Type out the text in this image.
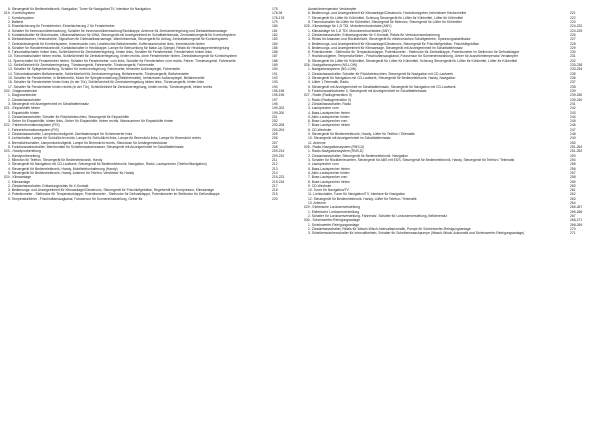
6. Steuergerät für Bedienelektronik, Navigation, Tuner für Navigation/TV, Interface für Navigation	175
019 - Komfortsystem	176-94
1. Komfortsystem	176-178
2. Batterie	179
3. Einzelsicherung für Fensterheber, Einzelsicherung 2 für Fensterheber	180
4. Schalter für Innenraumüberwachung, Schalter für Innenraumüberwachung/Tankklappe, Antenne für Zentralverriegelung und Diebstahlwarnanlage	181
5. Kontaktschalter für Motorhaube, Ultraschallsensor für DWA, Steuergerät mit Anzeigeeinheit im Schalttafeleinsatz, Zentralsteuergerät für Komfortsystem	182
6. Diebstahlwarner, Heckscheibe, Signalhorn für Diebstahlwarnanlage, Warnblinkrelais, Steuergerät für Airbag, Zentralsteuergerät für Komfortsystem	183
7. Zentralsteuergerät für Komfortsystem, Innenleuchte vorn, Leseleuchte Beifahrerseite, Kofferraumleuchte links, Innenleuchte hinten	184
8. Schalter für Handbremskontrolle, Kontaktschalter in Heckklappe, Lampe für Beleuchtung für Make-Up-Spiegel, Relais für Heckklappenentriegelung	185
9. Türkontaktschalter hinten links, Schließeinheit für Zentralverriegelung, hinten links, Schalter für Fensterheber, Fensterheber hinten links	186
10. Türkontaktschalter hinten rechts, Schließeinheit für Zentralverriegelung, hinten rechts, ohne Fensterheber hinten, Zentralsteuergerät für Komfortsystem	187
11. Sperrschalter für Fensterheber hinten, Schalter für Fensterheber, vorn links, Schalter für Fensterheber vorn rechts, Fahrer, Türsteuergerät, Fahrerseite	188
12. Schließeinheit für Zentralverriegelung, Türsteuergerät, Fahrerseite, Türsteuergerät, Fahrerseite	189
13. Schalter für Spiegelverstellung, Schalter für Innenverriegelung, Fahrerseite, beheizter Außenspiegel, Fahrerseite	190
14. Türkontaktschalter-Beifahrerseite, Schließeinheit für Zentralverriegelung, Beifahrerseite, Türsteuergerät, Beifahrerseite	191
15. Schalter für Fensterheber, in Beifahrertür, Motor für Spiegelverstellung (Beifahrerseite), beheizbarer Außenspiegel, Beifahrerseite	192
16. Schalter für Fensterheber hinten links (in der Tür), Schließeinheit für Zentralverriegelung hinten links, Türsteuergerät, hinten links	193
17. Schalter für Fensterheber hinten rechts (in der Tür), Schließeinheit für Zentralverriegelung, hinten rechts, Türsteuergerät, hinten rechts	194
020 - Diagnosestecker	195-198
1. Diagnosestecker	195-196
2. Zündanlassschalter	197
3. Steuergerät mit Anzeigeeinheit im Schalttafeleinsatz	198
021 - Einparkhilfe hinten	199-202
1. Einparkhilfe hinten	199-200
2. Zündanlassschalter, Schalter für Rückfahrleuchten, Steuergerät für Einparkhilfe	201
3. Geber für Einparkhilfe, hinten links, Geber für Einparkhilfe, hinten rechts, Warnsummer für Einparkhilfe hinten	202
022 - Fahrerinformationssystem (FIS)	203-208
1. Fahrerinformationssystem (FIS)	203-204
2. Zündanlassschalter, Lampenkontrollgerät, Zweifadenlampe für Scheinwerfer links	205
3. Lichtschalter, Lampe für Schlußlicht rechts, Lampe für Schlußlicht links, Lampe für Bremslicht links, Lampe für Bremslicht rechts	206
4. Bremslichtschalter, Lampenkontrollgerät, Lampe für Bremslicht rechts, Steckdose für Anhängersteckdose	207
5. Funktionswahlschalter, Warnkontakt für Scheibenwaschwasser, Steuergerät mit Anzeigeeinheit im Schalttafeleinsatz	208
023 - Handyvorbereitung	209-214
1. Handyvorbereitung	209-210
2. Mikrofon für Telefon, Steuergerät für Bedienelektronik, Handy	211
3. Steuergerät für Navigation mit CD-Laufwerk, Steuergerät für Bedienelektronik, Navigation, Radio, Lautsprecher (Telefon/Navigation)	212
4. Steuergerät für Bedienelektronik, Handy, Mobiltelefonhalterung (Handy)	213
5. Steuergerät für Bedienelektronik, Handy, Antenne für Telefon, Verstärker für Handy	214
024 - Klimaanlage	215-223
1. Klimaanlage	215-216
2. Zündanlassschalter, Entlastungsrelais für X-Kontakt	217
3. Bedienungs- und Anzeigeeinheit für Klimaanlage/Climatronic, Steuergerät für Frischluftgebläse, Regelventil für Kompressor, Klimaanlage	218
4. Potentiometer - Stellmotor für Temperaturklappe, Potentiometer - Stellmotor für Defrostklappe, Potentiometer im Stellmotor für Defrostklappe	219
5. Temperaturfühler - Frischluftansaugkanal, Fotosensor für Sonneneinstrahlung, Geber für	220
Ausströmtemperatur Verdampfer
6. Bedienungs- und Anzeigeeinheit für Klimaanlage/Climatronic, Hochdruckgeber, beheizbare Heckscheibe	221
7. Steuergerät für Lüfter für Kühlmittel, Schirung Steuergerät für Lüfter für Kühlmittel, Lüfter für Kühlmittel	222
8. Thermoschalter für Lüfter für Kühlmittel, Steuergerät für Motronic, Steuergerät für Lüfter für Kühlmittel	223
025 - Klimaanlage für 1,2l TDI, Motorkennbuchstabe (ANY)	224-232
1. Klimaanlage für 1,2l TDI, Motorkennbuchstabe (ANY)	224-225
2. Zündanlassschalter, Entlastungsrelais für X-Kontakt, Relais für Verbrauchsreduzierung	226
3. Relais für Anlassen und Rückfahrlicht, Steuergerät für elektronisches Schaltgetriebe, Spannungsstabilisator	227
4. Bedienungs- und Anzeigeeinheit für Klimaanlage/Climatronic, Steuergerät für Frischluftgebläse, Frischluftgebläse	228
5. Bedienungs- und Anzeigeeinheit für Klimaanlage, Steuergerät mit Anzeigeeinheit im Schalttafeleinsatz	229
6. Potentiometer - Stellmotor für Temperaturklappe, Potentiometer - Stellmotor für Zentralklappe, Potentiometer im Stellmotor für Defrostklappe	230
7. Hochdruckgeber, Temperaturfühler - Frischluftansaugkanal, Fotosensor für Sonneneinstrahlung, Geber für Ausströmtemperatur Verdampfer	231
8. Steuergerät für Lüfter für Kühlmittel, Steuergerät für Lüfter für Kühlmittel, Schirung Steuergerät für Lüfter für Kühlmittel, Lüfter für Kühlmittel	232
026 - Navigationssystem (NS-LOW)	233-238
1. Navigationssystem (NS-LOW)	233-234
2. Zündanlassschalter, Schalter für Rückfahrleuchten, Steuergerät für Navigation mit CD-Laufwerk	235
3. Steuergerät für Navigation mit CD-Laufwerk, Steuergerät für Bedienelektronik, Handy, Navigation	236
4. Lüfter 1 Telematik, Radio	237
5. Steuergerät mit Anzeigeeinheit im Schalttafeleinsatz, Steuergerät für Navigation mit CD-Laufwerk	238
5. Funktionswahlschalter II, Steuergerät mit Anzeigeeinheit im Schalttafeleinsatz	239
027 - Radio (Radiogeneration II)	239-250
1. Radio (Radiogeneration II)	239-240
2. Zündanlassschalter, Radio	241
3. Lautsprecher vorn	242
4. Bass-Lautsprecher hinten	243
5. Aktiv-Lautsprecher hinten	244
6. Bose-Lautsprecher vorn	245
7. Bose-Lautsprecher hinten	246
8. CD-Wechsler	247
9. Steuergerät für Bedienelektronik, Handy, Lüfter für Telefon / Telematik	248
10. Steuergerät mit Anzeigeeinheit im Schalttafeleinsatz	249
11. Antenne	250
028 - Radio-Navigationssystem (RNS-D)	251-264
1. Radio-Navigationssystem (RNS-D)	251-252
2. Zündanlassschalter, Steuergerät für Bedienelektronik, Navigation	253
3. Schalter für Rückfahrleuchten, Steuergerät für ABS mit EDS, Steuergerät für Bedienelektronik, Handy, Steuergerät für Telefon / Telematik	254
4. Lautsprecher vorn	255
5. Bass-Lautsprecher hinten	256
6. Aktiv-Lautsprecher hinten	257
7. Bose-Lautsprecher vorn	258
8. Bose-Lautsprecher hinten	259
9. CD-Wechsler	260
10. Tuner für Navigation/TV	261
11. Lichtschalter, Tuner für Navigation/TV, Interface für Navigation	262
12. Steuergerät für Bedienelektronik, Handy, Lüfter für Telefon / Telematik	263
13. Antenne	264
029 - Elektrische Lordosenverstellung	265-267
1. Elektrische Lordosenverstellung	265-266
2. Schalter für Lordosenverstellung, Fahrersitz, Schalter für Lordosenverstellung, Beifahrersitz	267
030 - Scheinwerfer-Reinigungsanlage	268-271
1. Scheinwerfer-Reinigungsanlage	268-269
2. Zündanlassschalter, Relais für Wasch-Wisch-Intervallautomatik, Pumpe für Scheinwerfer-Reinigungsanlage	270
3. Scheibenwischerschalter für Intervallbetrieb, Schalter für Scheibenwaschpumpe (Wasch-Wisch-Automatik und Scheinwerfer-Reinigungsanlage)	271
